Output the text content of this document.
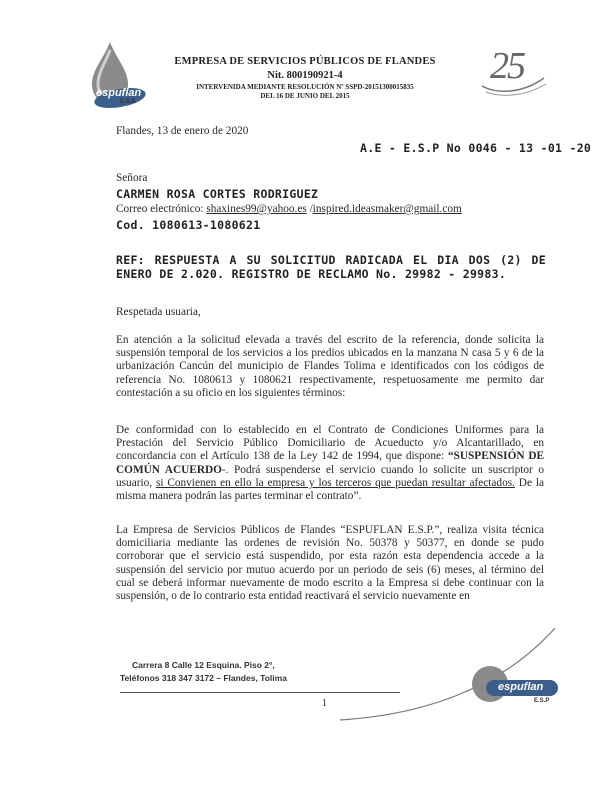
espuflan
E.S.P.
EMPRESA DE SERVICIOS PÚBLICOS DE FLANDES
Nit. 800190921-4
INTERVENIDA MEDIANTE RESOLUCIÓN Nº SSPD-20151300015835
DEL 16 DE JUNIO DEL 2015
25
Flandes, 13 de enero de 2020
A.E - E.S.P No 0046 - 13 -01 -20
Señora
CARMEN ROSA CORTES RODRIGUEZ
Correo electrónico: shaxines99@yahoo.es /inspired.ideasmaker@gmail.com
Cod. 1080613-1080621
REF: RESPUESTA A SU SOLICITUD RADICADA EL DIA DOS (2) DE ENERO DE 2.020. REGISTRO DE RECLAMO No. 29982 - 29983.
Respetada usuaria,
En atención a la solicitud elevada a través del escrito de la referencia, donde solicita la suspensión temporal de los servicios a los predios ubicados en la manzana N casa 5 y 6 de la urbanización Cancún del municipio de Flandes Tolima e identificados con los códigos de referencia No. 1080613 y 1080621 respectivamente, respetuosamente me permito dar contestación a su oficio en los siguientes términos:
De conformidad con lo establecido en el Contrato de Condiciones Uniformes para la Prestación del Servicio Público Domiciliario de Acueducto y/o Alcantarillado, en concordancia con el Artículo 138 de la Ley 142 de 1994, que dispone: “SUSPENSIÓN DE COMÚN ACUERDO-. Podrá suspenderse el servicio cuando lo solicite un suscriptor o usuario, si Convienen en ello la empresa y los terceros que puedan resultar afectados. De la misma manera podrán las partes terminar el contrato”.
La Empresa de Servicios Públicos de Flandes “ESPUFLAN E.S.P.”, realiza visita técnica domiciliaria mediante las ordenes de revisión No. 50378 y 50377, en donde se pudo corroborar que el servicio está suspendido, por esta razón esta dependencia accede a la suspensión del servicio por mutuo acuerdo por un periodo de seis (6) meses, al término del cual se deberá informar nuevamente de modo escrito a la Empresa si debe continuar con la suspensión, o de lo contrario esta entidad reactivará el servicio nuevamente en
Carrera 8 Calle 12 Esquina. Piso 2°,
Teléfonos 318 347 3172 – Flandes, Tolima
1
espuflan
E.S.P
